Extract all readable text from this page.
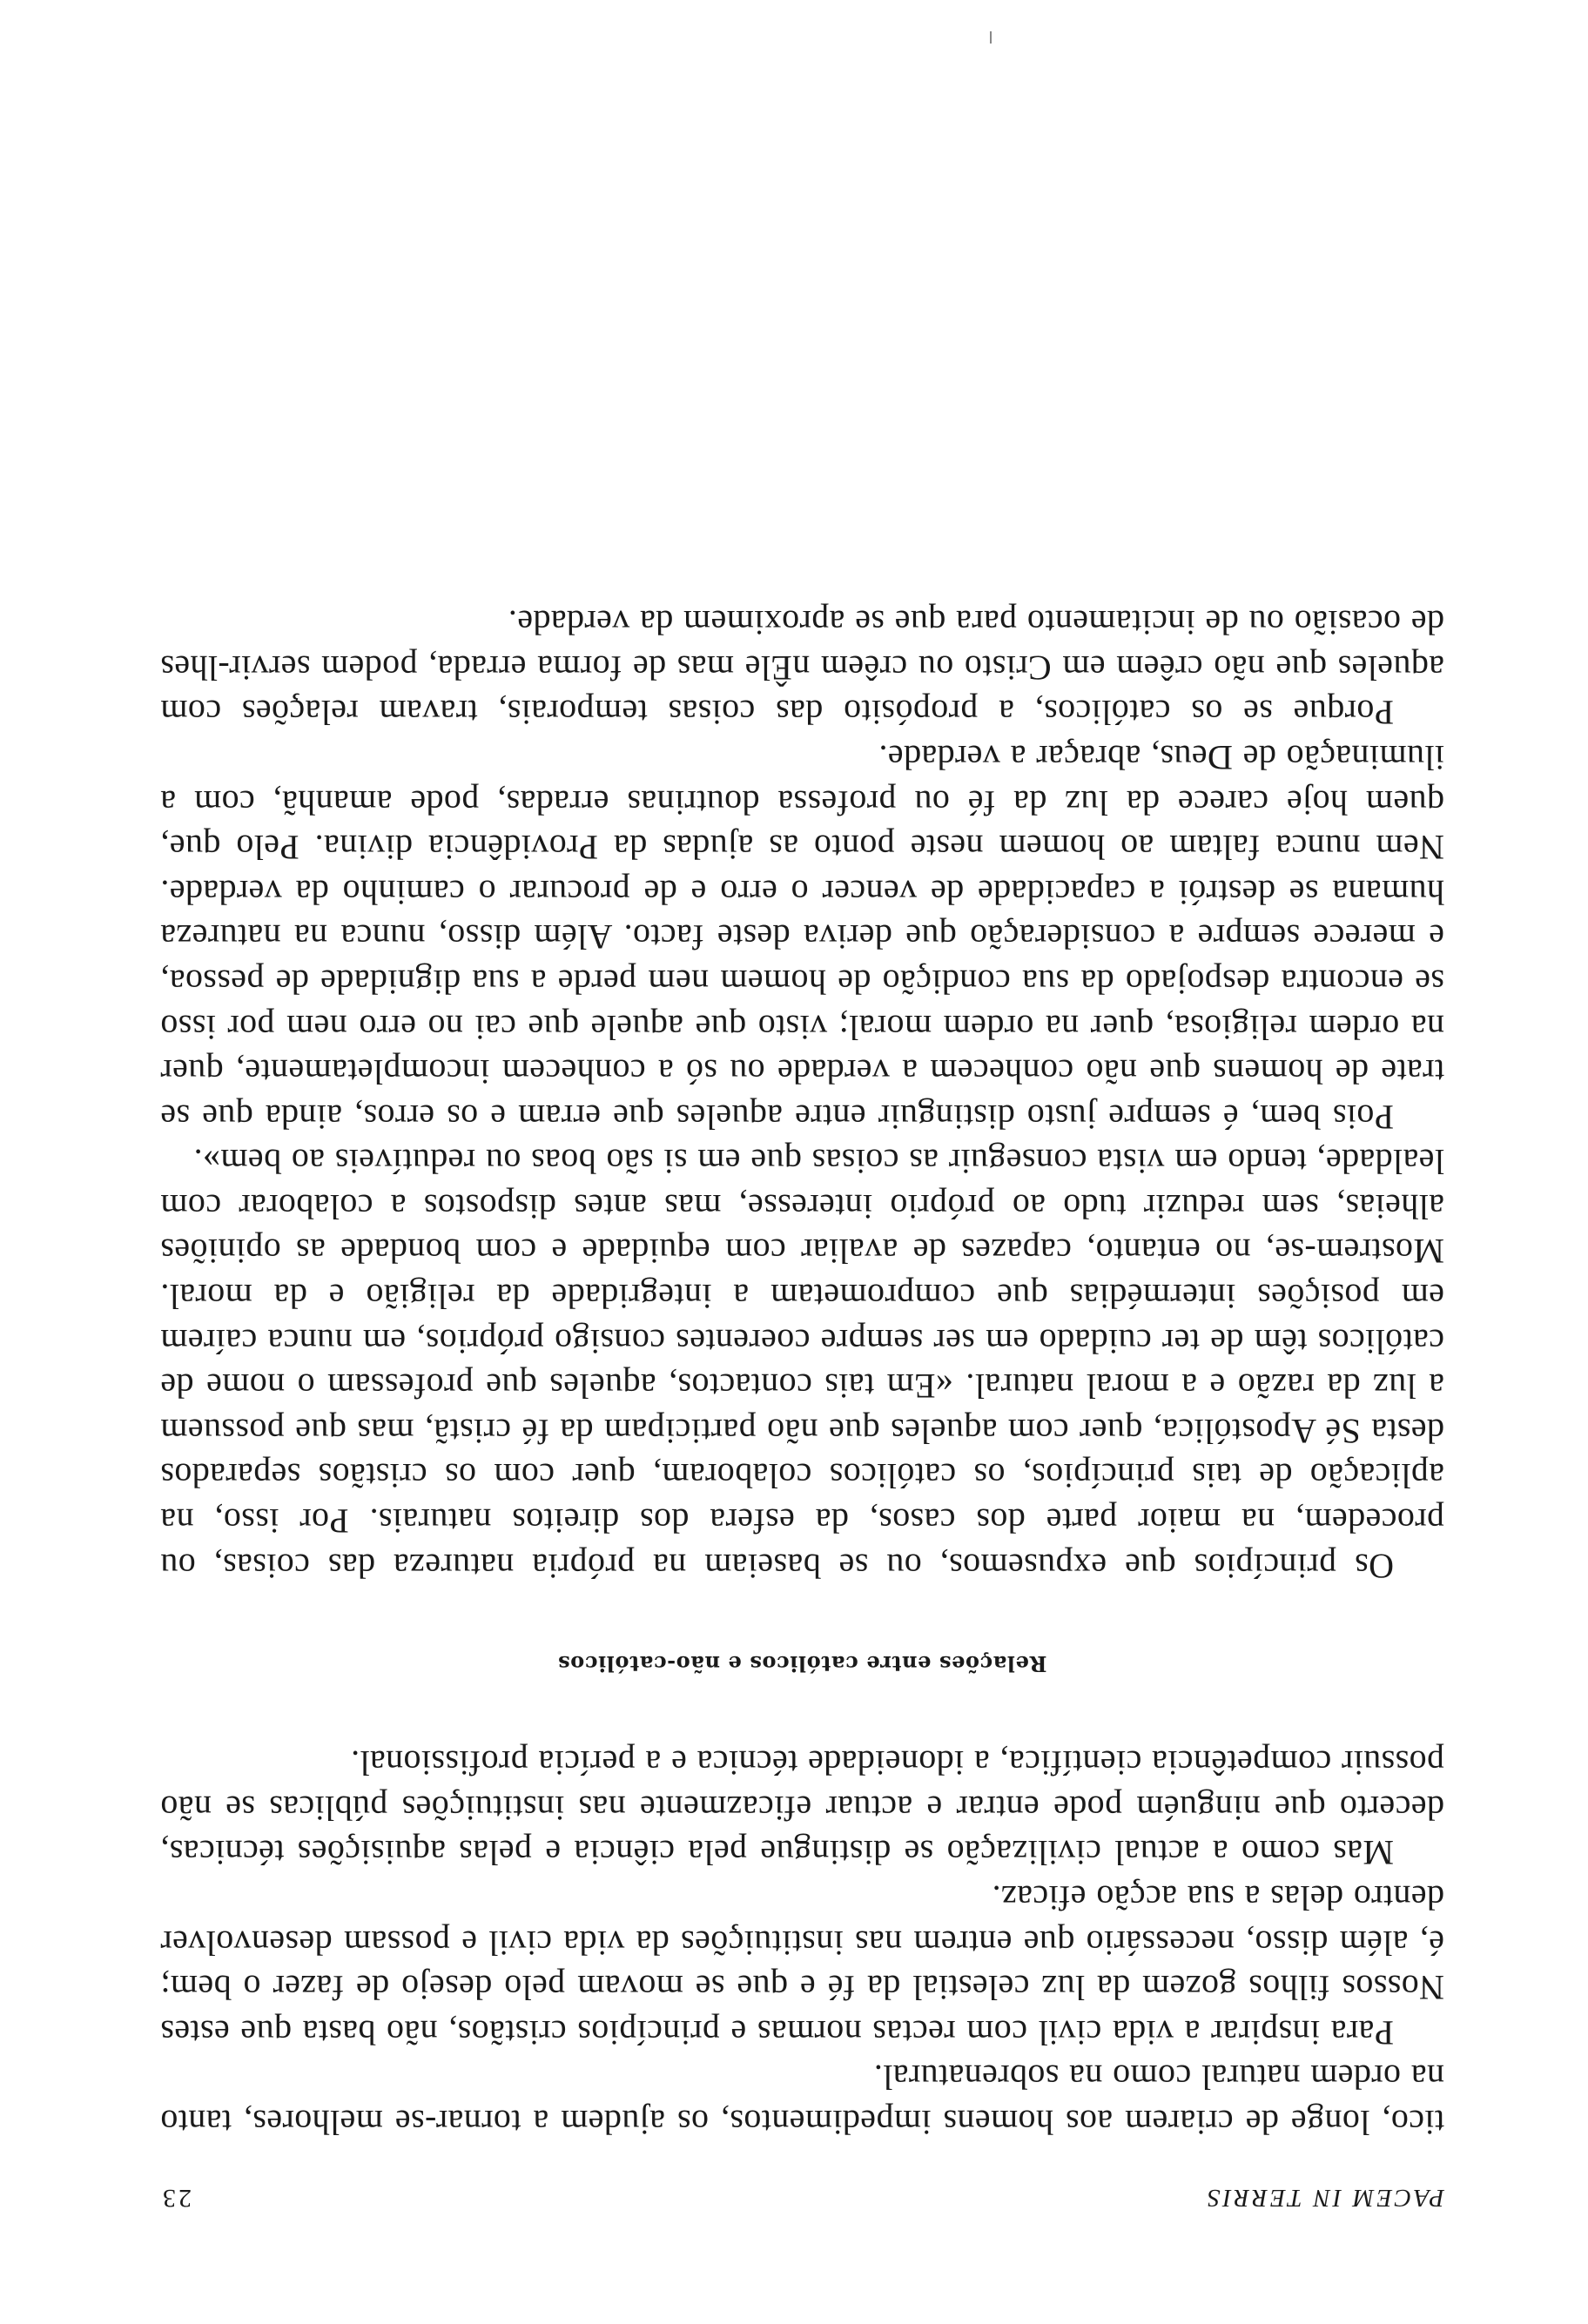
PACEM IN TERRIS
23

tico, longe de criarem aos homens impedimentos, os ajudem a tornar-se melhores, tanto na ordem natural como na sobrenatural.

Para inspirar a vida civil com rectas normas e princípios cristãos, não basta que estes Nossos filhos gozem da luz celestial da fé e que se movam pelo desejo de fazer o bem; é, além disso, necessário que entrem nas instituições da vida civil e possam desenvolver dentro delas a sua acção eficaz.

Mas como a actual civilização se distingue pela ciência e pelas aquisições técnicas, decerto que ninguém pode entrar e actuar eficazmente nas instituições públicas se não possuir competência científica, a idoneidade técnica e a perícia profissional.

Relações entre católicos e não-católicos

Os princípios que expusemos, ou se baseiam na própria natureza das coisas, ou procedem, na maior parte dos casos, da esfera dos direitos naturais. Por isso, na aplicação de tais princípios, os católicos colaboram, quer com os cristãos separados desta Sé Apostólica, quer com aqueles que não participam da fé cristã, mas que possuem a luz da razão e a moral natural. «Em tais contactos, aqueles que professam o nome de católicos têm de ter cuidado em ser sempre coerentes consigo próprios, em nunca caírem em posições intermédias que comprometam a integridade da religião e da moral. Mostrem-se, no entanto, capazes de avaliar com equidade e com bondade as opiniões alheias, sem reduzir tudo ao próprio interesse, mas antes dispostos a colaborar com lealdade, tendo em vista conseguir as coisas que em si são boas ou redutíveis ao bem».

Pois bem, é sempre justo distinguir entre aqueles que erram e os erros, ainda que se trate de homens que não conhecem a verdade ou só a conhecem incompletamente, quer na ordem religiosa, quer na ordem moral; visto que aquele que cai no erro nem por isso se encontra despojado da sua condição de homem nem perde a sua dignidade de pessoa, e merece sempre a consideração que deriva deste facto. Além disso, nunca na natureza humana se destrói a capacidade de vencer o erro e de procurar o caminho da verdade. Nem nunca faltam ao homem neste ponto as ajudas da Providência divina. Pelo que, quem hoje carece da luz da fé ou professa doutrinas erradas, pode amanhã, com a iluminação de Deus, abraçar a verdade.

Porque se os católicos, a propósito das coisas temporais, travam relações com aqueles que não crêem em Cristo ou crêem nÊle mas de forma errada, podem servir-lhes de ocasião ou de incitamento para que se aproximem da verdade.
